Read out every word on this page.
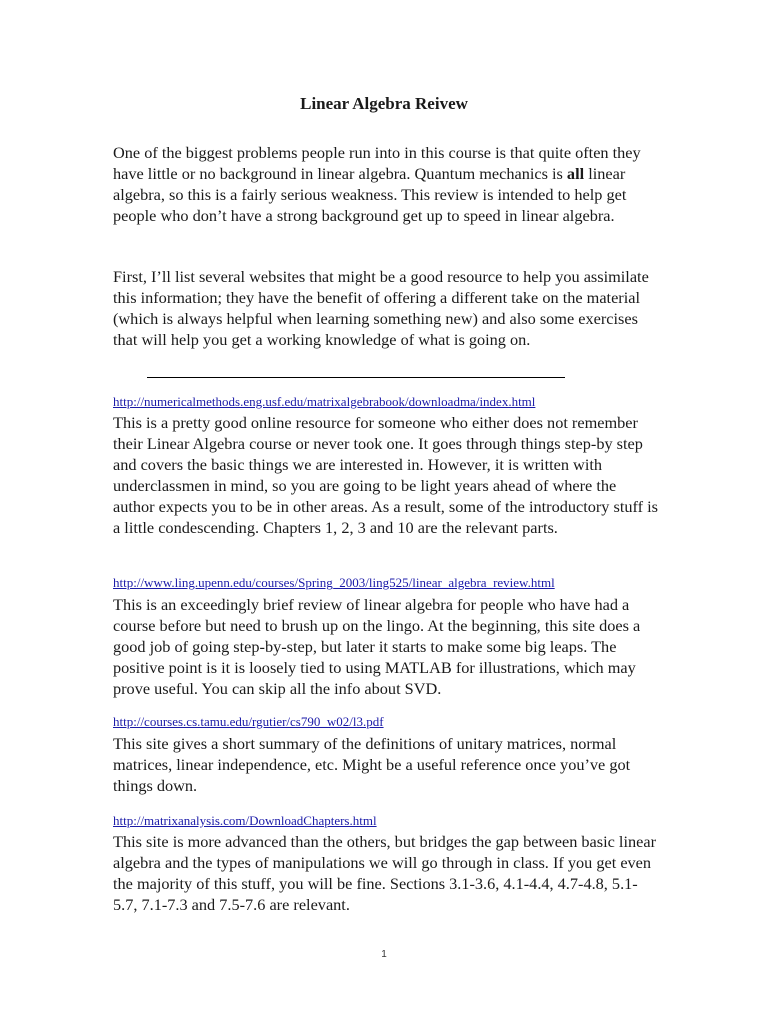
Linear Algebra Reivew

One of the biggest problems people run into in this course is that quite often they have little or no background in linear algebra. Quantum mechanics is all linear algebra, so this is a fairly serious weakness. This review is intended to help get people who don’t have a strong background get up to speed in linear algebra.

First, I’ll list several websites that might be a good resource to help you assimilate this information; they have the benefit of offering a different take on the material (which is always helpful when learning something new) and also some exercises that will help you get a working knowledge of what is going on.

http://numericalmethods.eng.usf.edu/matrixalgebrabook/downloadma/index.html

This is a pretty good online resource for someone who either does not remember their Linear Algebra course or never took one. It goes through things step-by step and covers the basic things we are interested in. However, it is written with underclassmen in mind, so you are going to be light years ahead of where the author expects you to be in other areas. As a result, some of the introductory stuff is a little condescending. Chapters 1, 2, 3 and 10 are the relevant parts.

http://www.ling.upenn.edu/courses/Spring_2003/ling525/linear_algebra_review.html

This is an exceedingly brief review of linear algebra for people who have had a course before but need to brush up on the lingo. At the beginning, this site does a good job of going step-by-step, but later it starts to make some big leaps. The positive point is it is loosely tied to using MATLAB for illustrations, which may prove useful. You can skip all the info about SVD.

http://courses.cs.tamu.edu/rgutier/cs790_w02/l3.pdf

This site gives a short summary of the definitions of unitary matrices, normal matrices, linear independence, etc. Might be a useful reference once you’ve got things down.

http://matrixanalysis.com/DownloadChapters.html

This site is more advanced than the others, but bridges the gap between basic linear algebra and the types of manipulations we will go through in class. If you get even the majority of this stuff, you will be fine. Sections 3.1-3.6, 4.1-4.4, 4.7-4.8, 5.1-5.7, 7.1-7.3 and 7.5-7.6 are relevant.

1
